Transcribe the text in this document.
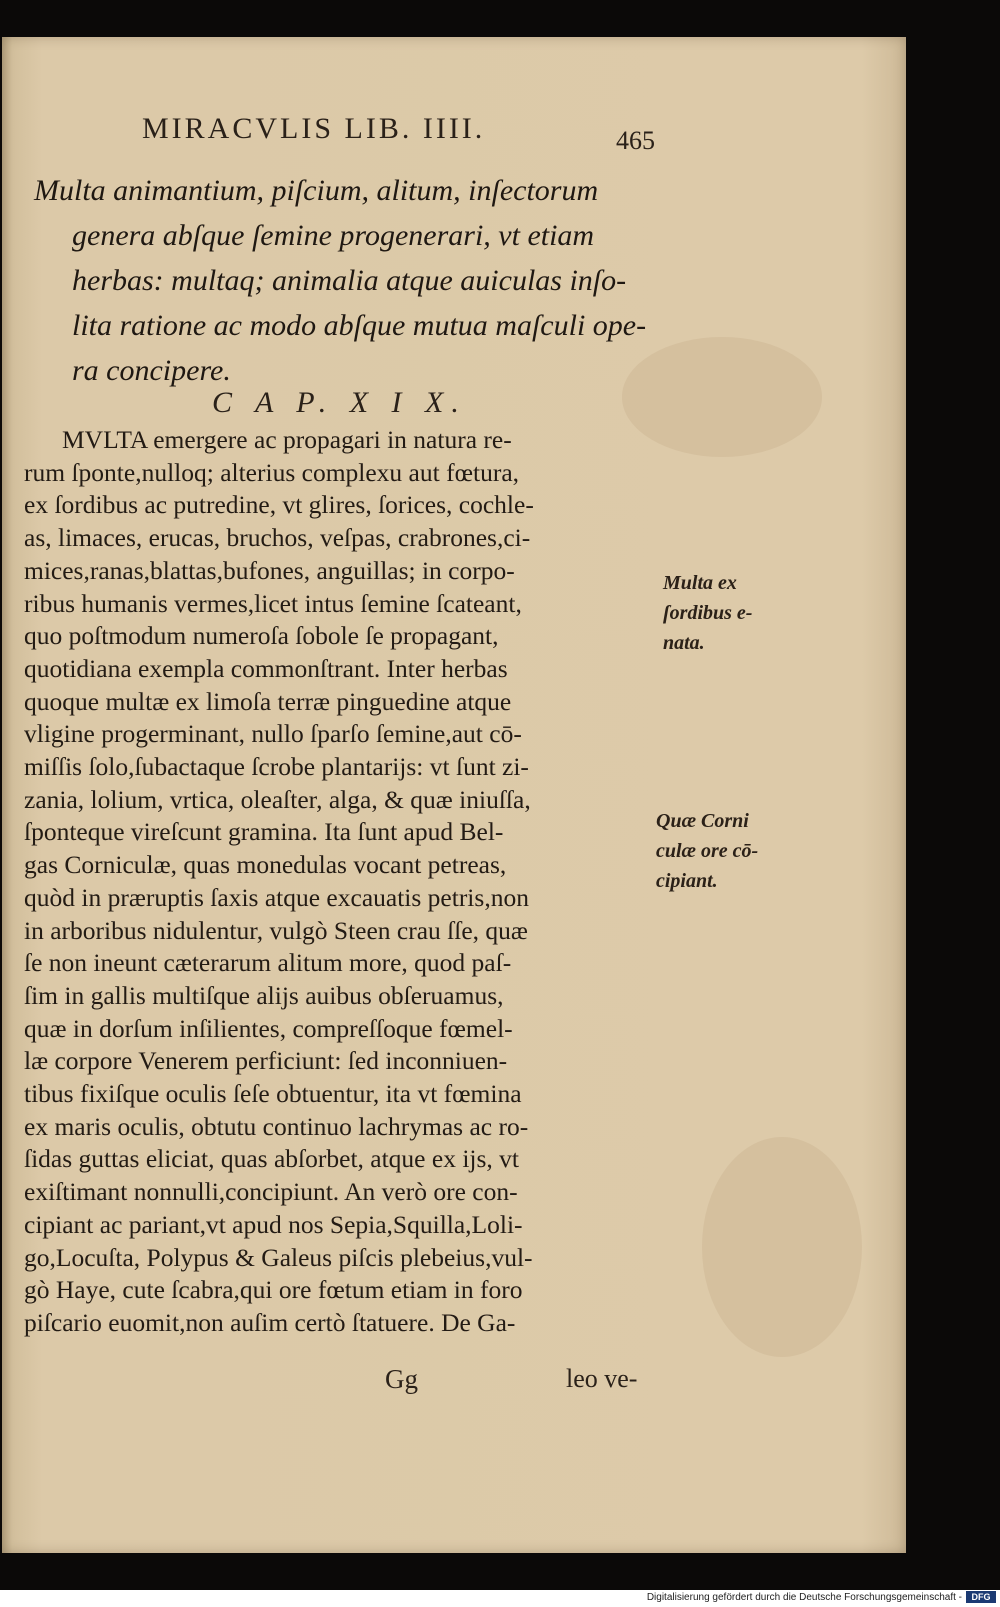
MIRACVLIS LIB. IIII.	465
Multa animantium, piſcium, alitum, inſectorum
genera abſque ſemine progenerari, vt etiam
herbas: multaq; animalia atque auiculas inſo-
lita ratione ac modo abſque mutua maſculi ope-
ra concipere.
C A P. X I X.
MVLTA emergere ac propagari in natura re-
rum ſponte,nulloq; alterius complexu aut fœtura,
ex ſordibus ac putredine, vt glires, ſorices, cochle-
as, limaces, erucas, bruchos, veſpas, crabrones,ci-
mices,ranas,blattas,bufones, anguillas; in corpo-
ribus humanis vermes,licet intus ſemine ſcateant,
quo poſtmodum numeroſa ſobole ſe propagant,
quotidiana exempla commonſtrant. Inter herbas
quoque multæ ex limoſa terræ pinguedine atque
vligine progerminant, nullo ſparſo ſemine,aut cō-
miſſis ſolo,ſubactaque ſcrobe plantarijs: vt ſunt zi-
zania, lolium, vrtica, oleaſter, alga, & quæ iniuſſa,
ſponteque vireſcunt gramina. Ita ſunt apud Bel-
gas Corniculæ, quas monedulas vocant petreas,
quòd in præruptis ſaxis atque excauatis petris,non
in arboribus nidulentur, vulgò Steen crau ſſe, quæ
ſe non ineunt cæterarum alitum more, quod paſ-
ſim in gallis multiſque alijs auibus obſeruamus,
quæ in dorſum inſilientes, compreſſoque fœmel-
læ corpore Venerem perficiunt: ſed inconniuen-
tibus fixiſque oculis ſeſe obtuentur, ita vt fœmina
ex maris oculis, obtutu continuo lachrymas ac ro-
ſidas guttas eliciat, quas abſorbet, atque ex ijs, vt
exiſtimant nonnulli,concipiunt. An verò ore con-
cipiant ac pariant,vt apud nos Sepia,Squilla,Loli-
go,Locuſta, Polypus & Galeus piſcis plebeius,vul-
gò Haye, cute ſcabra,qui ore fœtum etiam in foro
piſcario euomit,non auſim certò ſtatuere. De Ga-
Multa ex
ſordibus e-
nata.
Quæ Corni
culæ ore cō-
cipiant.
Gg	leo ve-
Digitalisierung gefördert durch die Deutsche Forschungsgemeinschaft -	DFG
